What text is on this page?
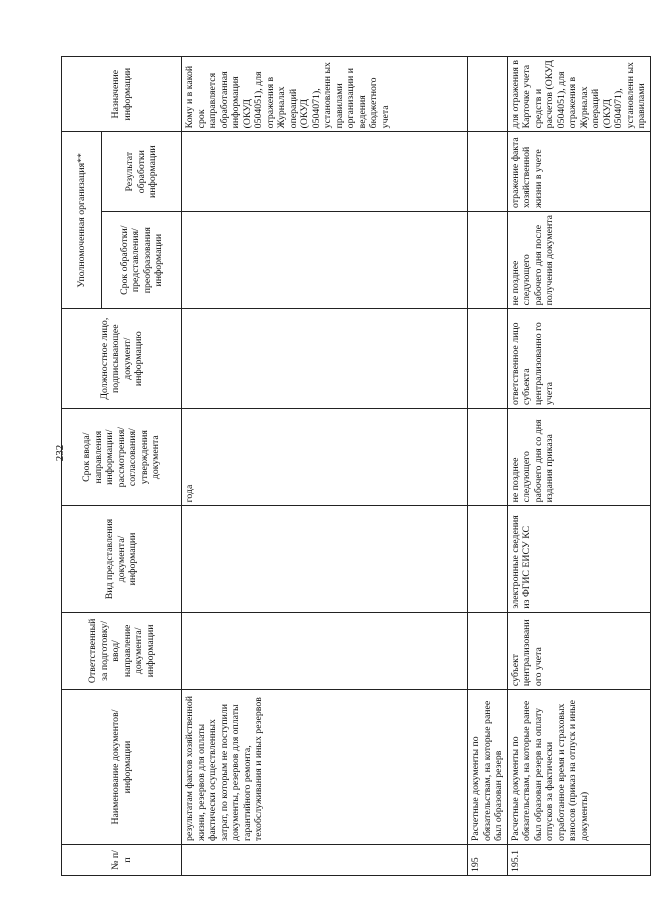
232
№ п/п	Наименование документов/информации	Ответственный за подготовку/ ввод/ направление документа/ информации	Вид представления документа/ информации	Срок ввода/ направления информации/ рассмотрения/ согласования/ утверждения документа	Должностное лицо, подписывающее документ/ информацию	Уполномоченная организация**		Назначение информации
						Срок обработки/ представления/ преобразования информации	Результат обработки информации	
	результатам фактов хозяйственной жизни, резервов для оплаты фактически осуществленных затрат, по которым не поступили документы, резервов для оплаты гарантийного ремонта, техобслуживания и иных резервов			года				Кому и в какой срок направляется обработанная информация (ОКУД 0504051), для отражения в Журналах операций (ОКУД 0504071), установленн ых правилами организации и ведения бюджетного учета
195	Расчетные документы по обязательствам, на которые ранее был образован резерв							
195.1	Расчетные документы по обязательствам, на которые ранее был образован резерв на оплату отпусков за фактически отработанное время и страховых взносов (приказ на отпуск и иные документы)	субъект централизовани ого учета	электронные сведения из ФГИС ЕИСУ КС	не позднее следующего рабочего дня со дня издания приказа	ответственное лицо субъекта централизованно го учета	не позднее следующего рабочего дня после получения документа	отражение факта хозяйственной жизни в учете	для отражения в Карточке учета средств и расчетов (ОКУД 0504051), для отражения в Журналах операций (ОКУД 0504071), установленн ых правилами
